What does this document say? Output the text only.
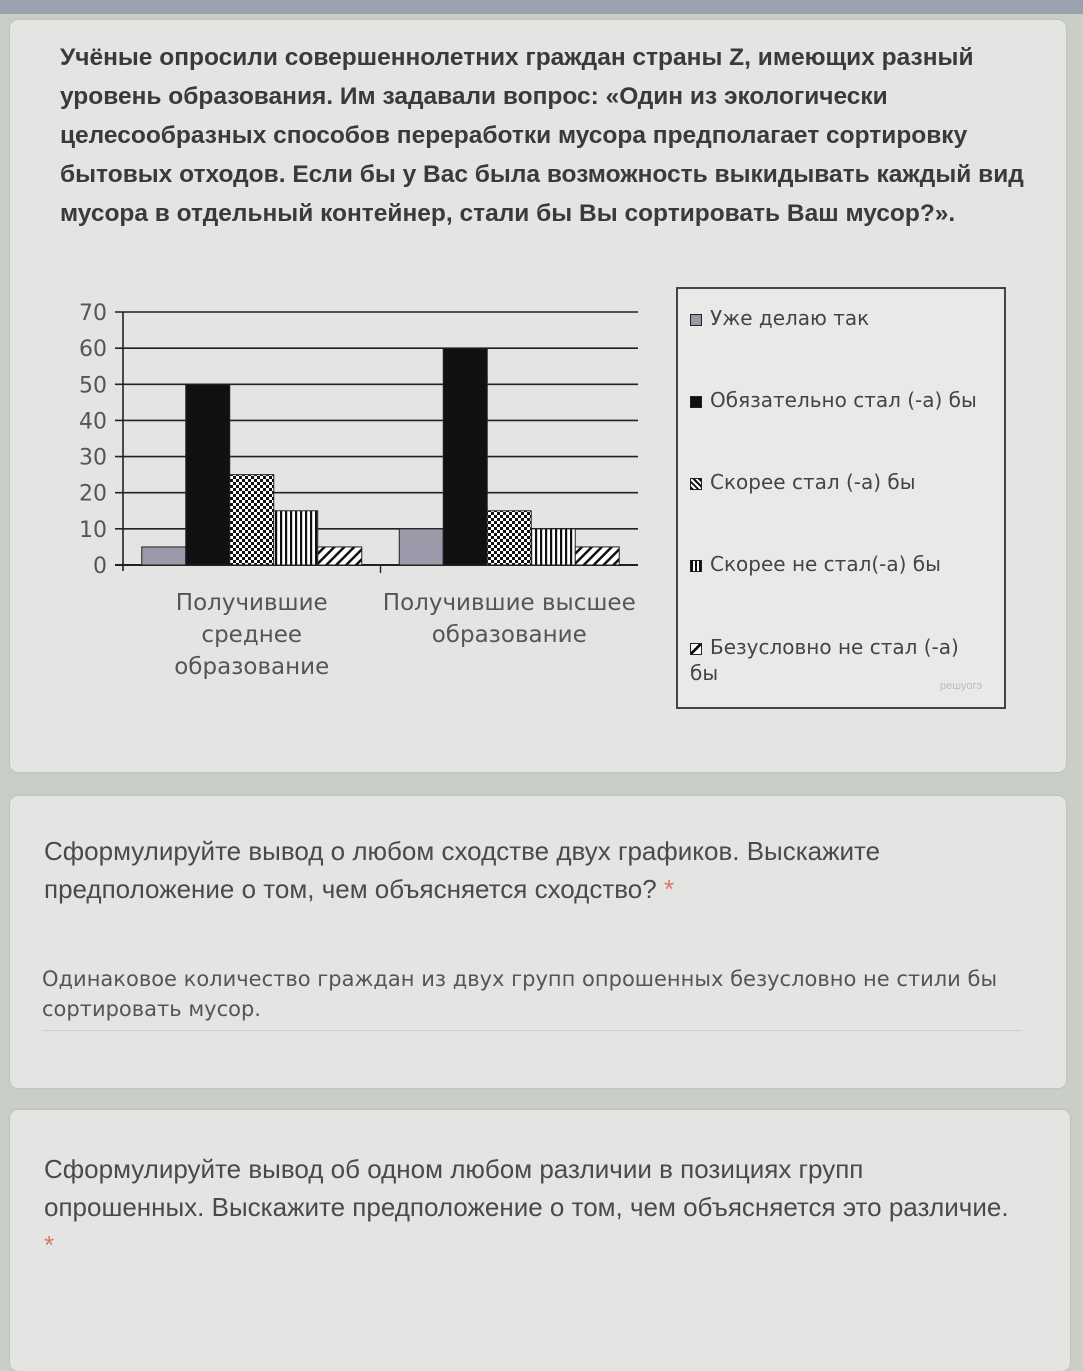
Учёные опросили совершеннолетних граждан страны Z, имеющих разный
уровень образования. Им задавали вопрос: «Один из экологически
целесообразных способов переработки мусора предполагает сортировку
бытовых отходов. Если бы у Вас была возможность выкидывать каждый вид
мусора в отдельный контейнер, стали бы Вы сортировать Ваш мусор?».
0
10
20
30
40
50
60
70
Получившие среднее образование
Получившие высшее образование
Уже делаю так
Обязательно стал (-а) бы
Скорее стал (-а) бы
Скорее не стал(-а) бы
Безусловно не стал (-а) бы
решуогэ
Сформулируйте вывод о любом сходстве двух графиков. Выскажите предположение о том, чем объясняется сходство? *
Одинаковое количество граждан из двух групп опрошенных безусловно не стили бы сортировать мусор.
Сформулируйте вывод об одном любом различии в позициях групп опрошенных. Выскажите предположение о том, чем объясняется это различие. *
